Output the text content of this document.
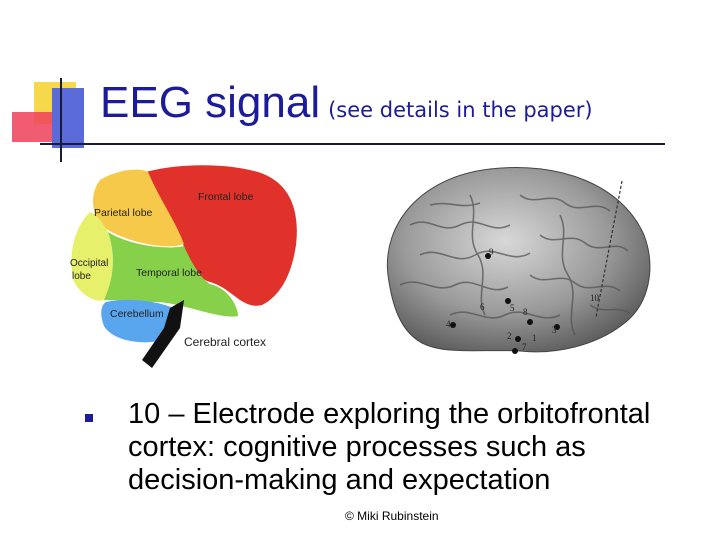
EEG signal (see details in the paper)
Frontal lobe
Parietal lobe
Occipital
lobe	Temporal lobe
Cerebellum
Cerebral cortex
9
6	5 8
4
2 1
3
7
10
10 – Electrode exploring the orbitofrontal cortex: cognitive processes such as decision-making and expectation
© Miki Rubinstein
